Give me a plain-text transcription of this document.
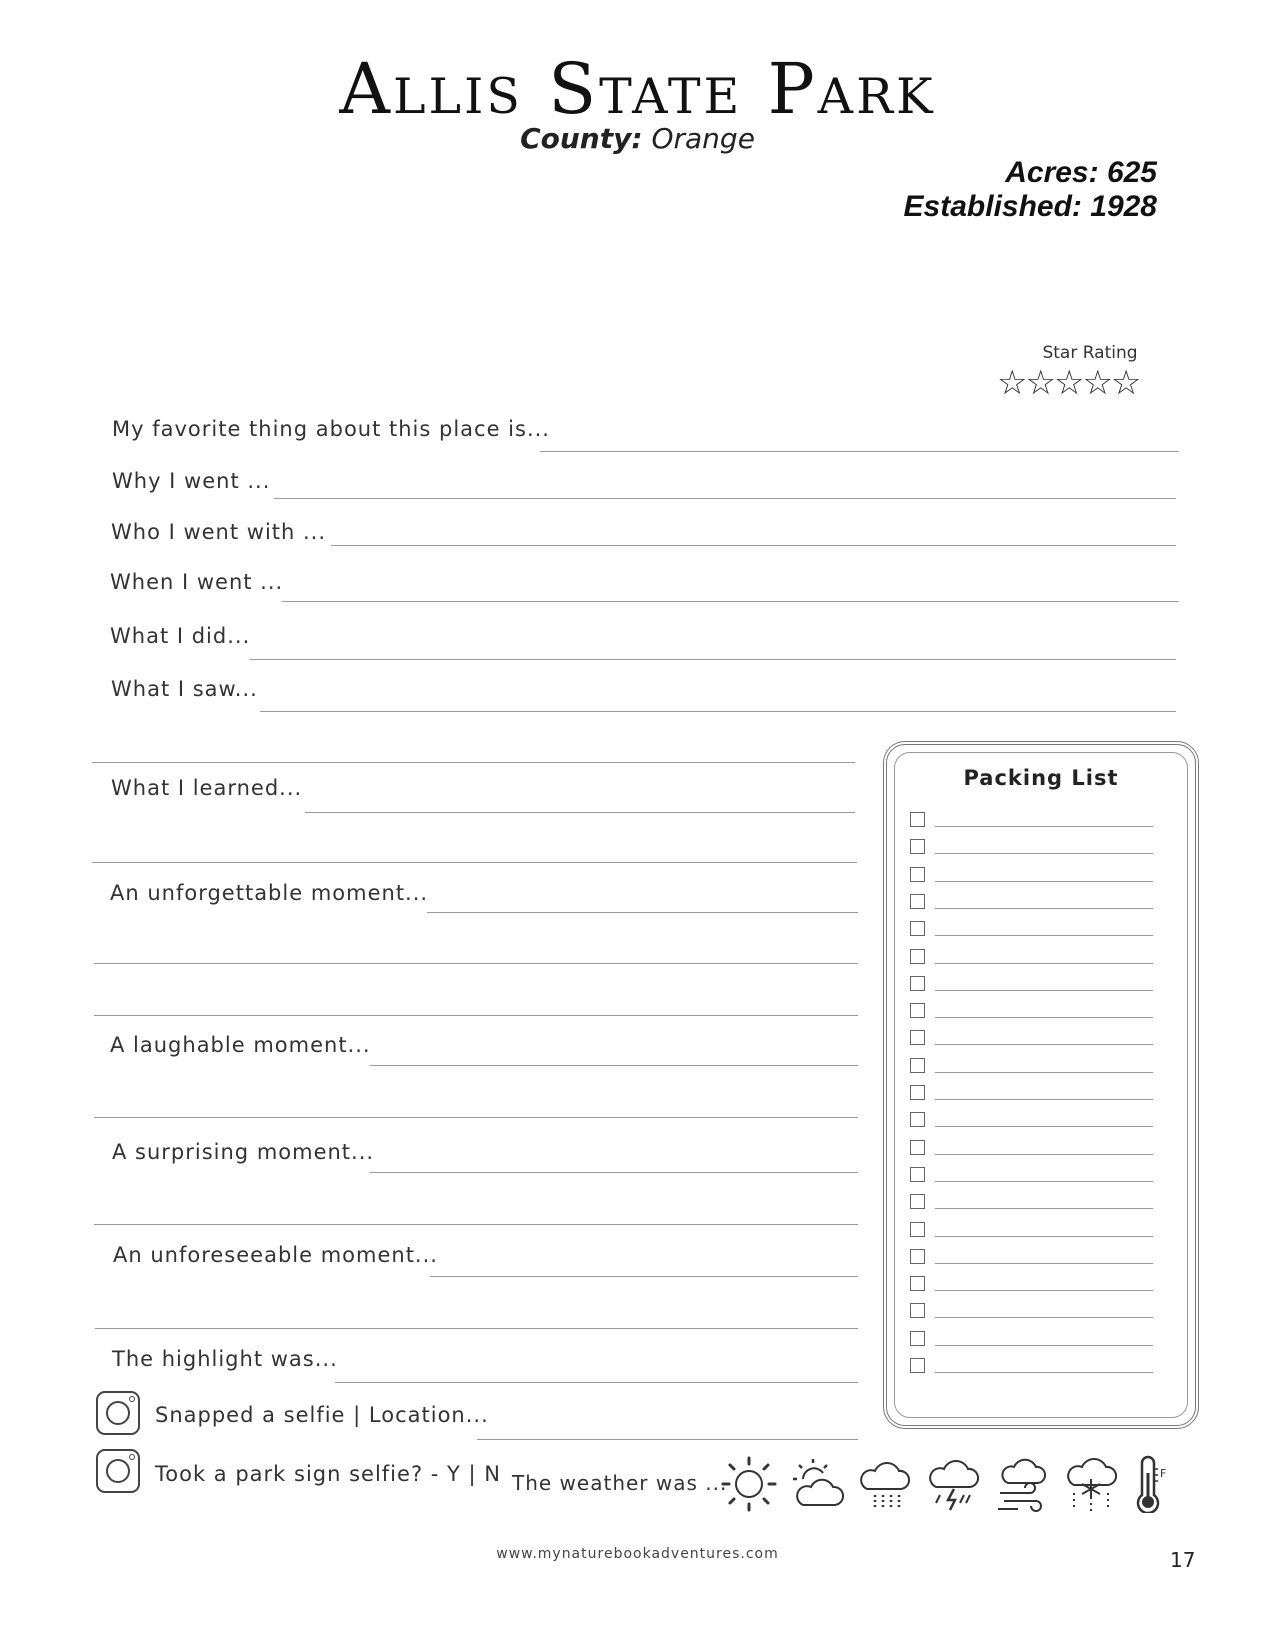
Allis State Park
County: Orange
Acres: 625
Established: 1928
Star Rating
☆☆☆☆☆
My favorite thing about this place is...
Why I went ...
Who I went with ...
When I went ...
What I did...
What I saw...
What I learned...
An unforgettable moment...
A laughable moment...
A surprising moment...
An unforeseeable moment...
The highlight was...
Snapped a selfie | Location...
Took a park sign selfie? - Y | N
Packing List
The weather was ...	F
www.mynaturebookadventures.com	17
